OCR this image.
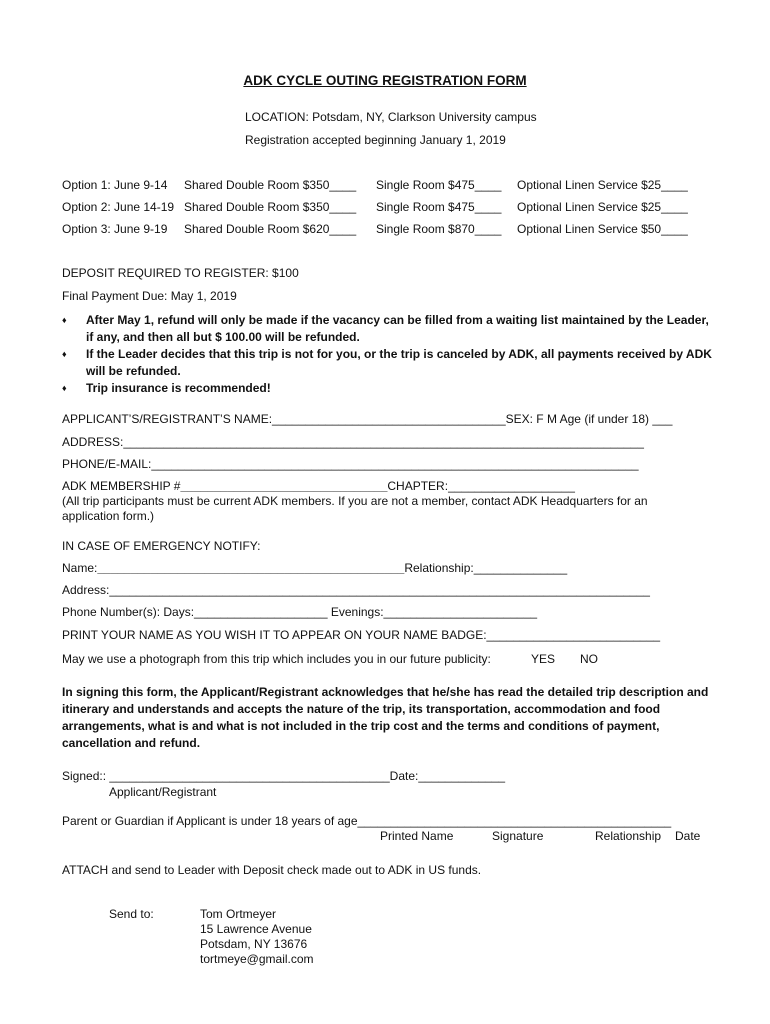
ADK CYCLE OUTING REGISTRATION FORM
LOCATION: Potsdam, NY, Clarkson University campus
Registration accepted beginning January 1, 2019
Option 1: June 9-14 Shared Double Room $350____ Single Room $475____ Optional Linen Service $25____
Option 2: June 14-19 Shared Double Room $350____ Single Room $475____ Optional Linen Service $25____
Option 3: June 9-19 Shared Double Room $620____ Single Room $870____ Optional Linen Service $50____
DEPOSIT REQUIRED TO REGISTER: $100
Final Payment Due: May 1, 2019
♦ After May 1, refund will only be made if the vacancy can be filled from a waiting list maintained by the Leader, if any, and then all but $ 100.00 will be refunded.
♦ If the Leader decides that this trip is not for you, or the trip is canceled by ADK, all payments received by ADK will be refunded.
♦ Trip insurance is recommended!
APPLICANT’S/REGISTRANT’S NAME:___________________________________SEX: F M Age (if under 18) ___
ADDRESS:______________________________________________________________________________
PHONE/E-MAIL:_________________________________________________________________________
ADK MEMBERSHIP #_______________________________CHAPTER:___________________
(All trip participants must be current ADK members. If you are not a member, contact ADK Headquarters for an
application form.)
IN CASE OF EMERGENCY NOTIFY:
Name:______________________________________________Relationship:______________
Address:_________________________________________________________________________________
Phone Number(s): Days:____________________ Evenings:_______________________
PRINT YOUR NAME AS YOU WISH IT TO APPEAR ON YOUR NAME BADGE:__________________________
May we use a photograph from this trip which includes you in our future publicity:	YES NO
In signing this form, the Applicant/Registrant acknowledges that he/she has read the detailed trip description and itinerary and understands and accepts the nature of the trip, its transportation, accommodation and food arrangements, what is and what is not included in the trip cost and the terms and conditions of payment, cancellation and refund.
Signed:: __________________________________________Date:_____________
Applicant/Registrant
Parent or Guardian if Applicant is under 18 years of age_______________________________________________
Printed Name	Signature	Relationship Date
ATTACH and send to Leader with Deposit check made out to ADK in US funds.
Send to:	Tom Ortmeyer
15 Lawrence Avenue
Potsdam, NY 13676
tortmeye@gmail.com
